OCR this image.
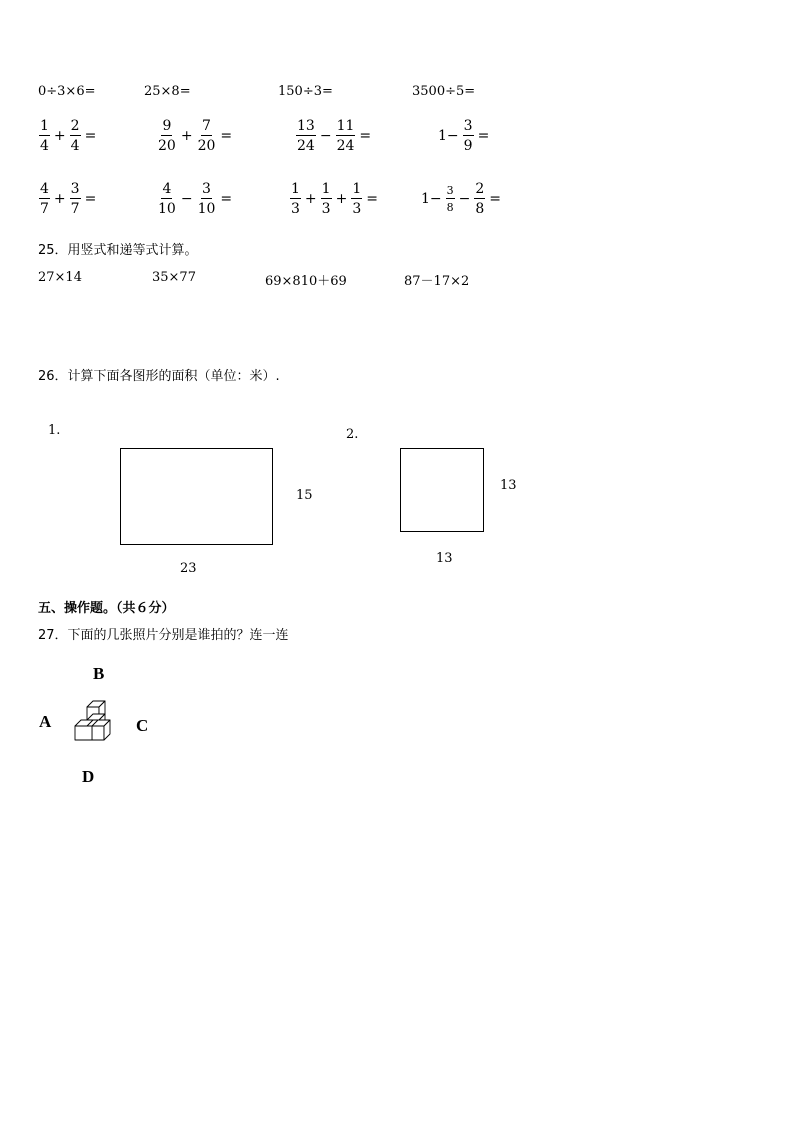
0÷3×6=	25×8=	150÷3=	3500÷5=
$\frac{1}{4} + \frac{2}{4}$ =	$\frac{9}{20} + \frac{7}{20}$ =	$\frac{13}{24} - \frac{11}{24}$ =	$1- \frac{3}{9}$ =
$\frac{4}{7} + \frac{3}{7}$ =	$\frac{4}{10} - \frac{3}{10}$ =	$\frac{1}{3} + \frac{1}{3} + \frac{1}{3}$ =	$1- \frac{3}{8} - \frac{2}{8}$ =
25．用竖式和递等式计算。
27×14	35×77	69×810＋69	87－17×2
26．计算下面各图形的面积（单位：米）.
1.
15
23
2.
13
13
五、操作题。（共６分）
27．下面的几张照片分别是谁拍的？连一连
B
A	C
D
